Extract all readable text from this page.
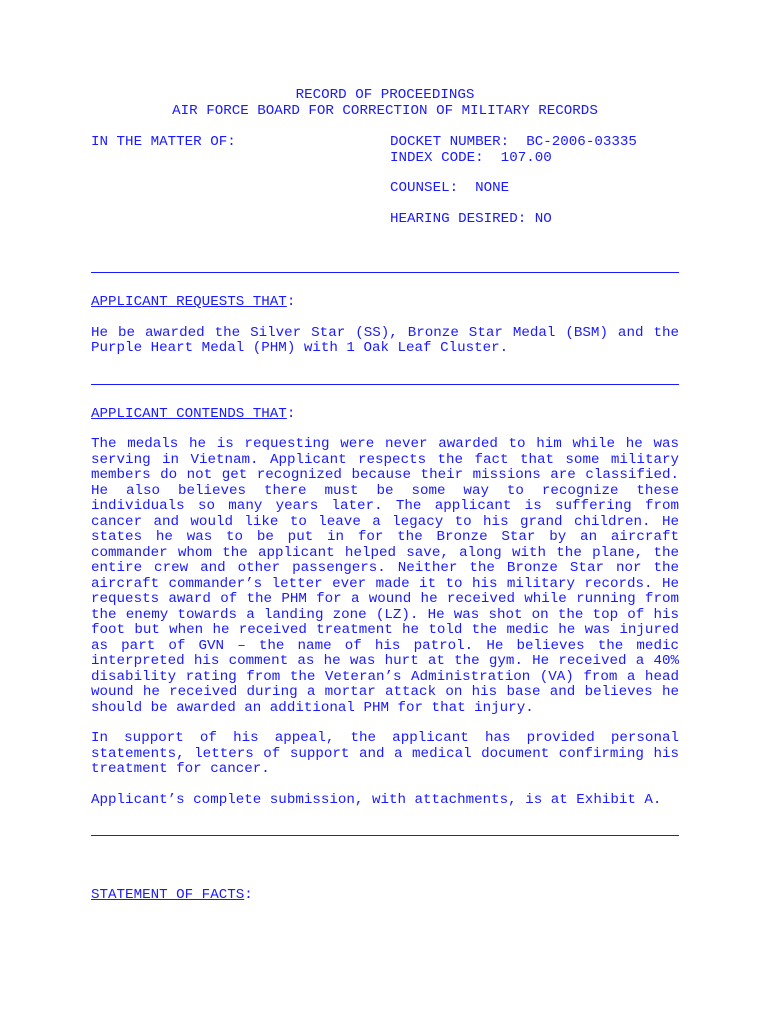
RECORD OF PROCEEDINGS
AIR FORCE BOARD FOR CORRECTION OF MILITARY RECORDS
IN THE MATTER OF:	DOCKET NUMBER:  BC-2006-03335
INDEX CODE:  107.00
COUNSEL:  NONE
HEARING DESIRED: NO
APPLICANT REQUESTS THAT:

He be awarded the Silver Star (SS), Bronze Star Medal (BSM) and the Purple Heart Medal (PHM) with 1 Oak Leaf Cluster.

APPLICANT CONTENDS THAT:

The medals he is requesting were never awarded to him while he was serving in Vietnam. Applicant respects the fact that some military members do not get recognized because their missions are classified. He also believes there must be some way to recognize these individuals so many years later. The applicant is suffering from cancer and would like to leave a legacy to his grand children. He states he was to be put in for the Bronze Star by an aircraft commander whom the applicant helped save, along with the plane, the entire crew and other passengers. Neither the Bronze Star nor the aircraft commander’s letter ever made it to his military records. He requests award of the PHM for a wound he received while running from the enemy towards a landing zone (LZ). He was shot on the top of his foot but when he received treatment he told the medic he was injured as part of GVN – the name of his patrol. He believes the medic interpreted his comment as he was hurt at the gym. He received a 40% disability rating from the Veteran’s Administration (VA) from a head wound he received during a mortar attack on his base and believes he should be awarded an additional PHM for that injury.

In support of his appeal, the applicant has provided personal statements, letters of support and a medical document confirming his treatment for cancer.

Applicant’s complete submission, with attachments, is at Exhibit A.

STATEMENT OF FACTS:
